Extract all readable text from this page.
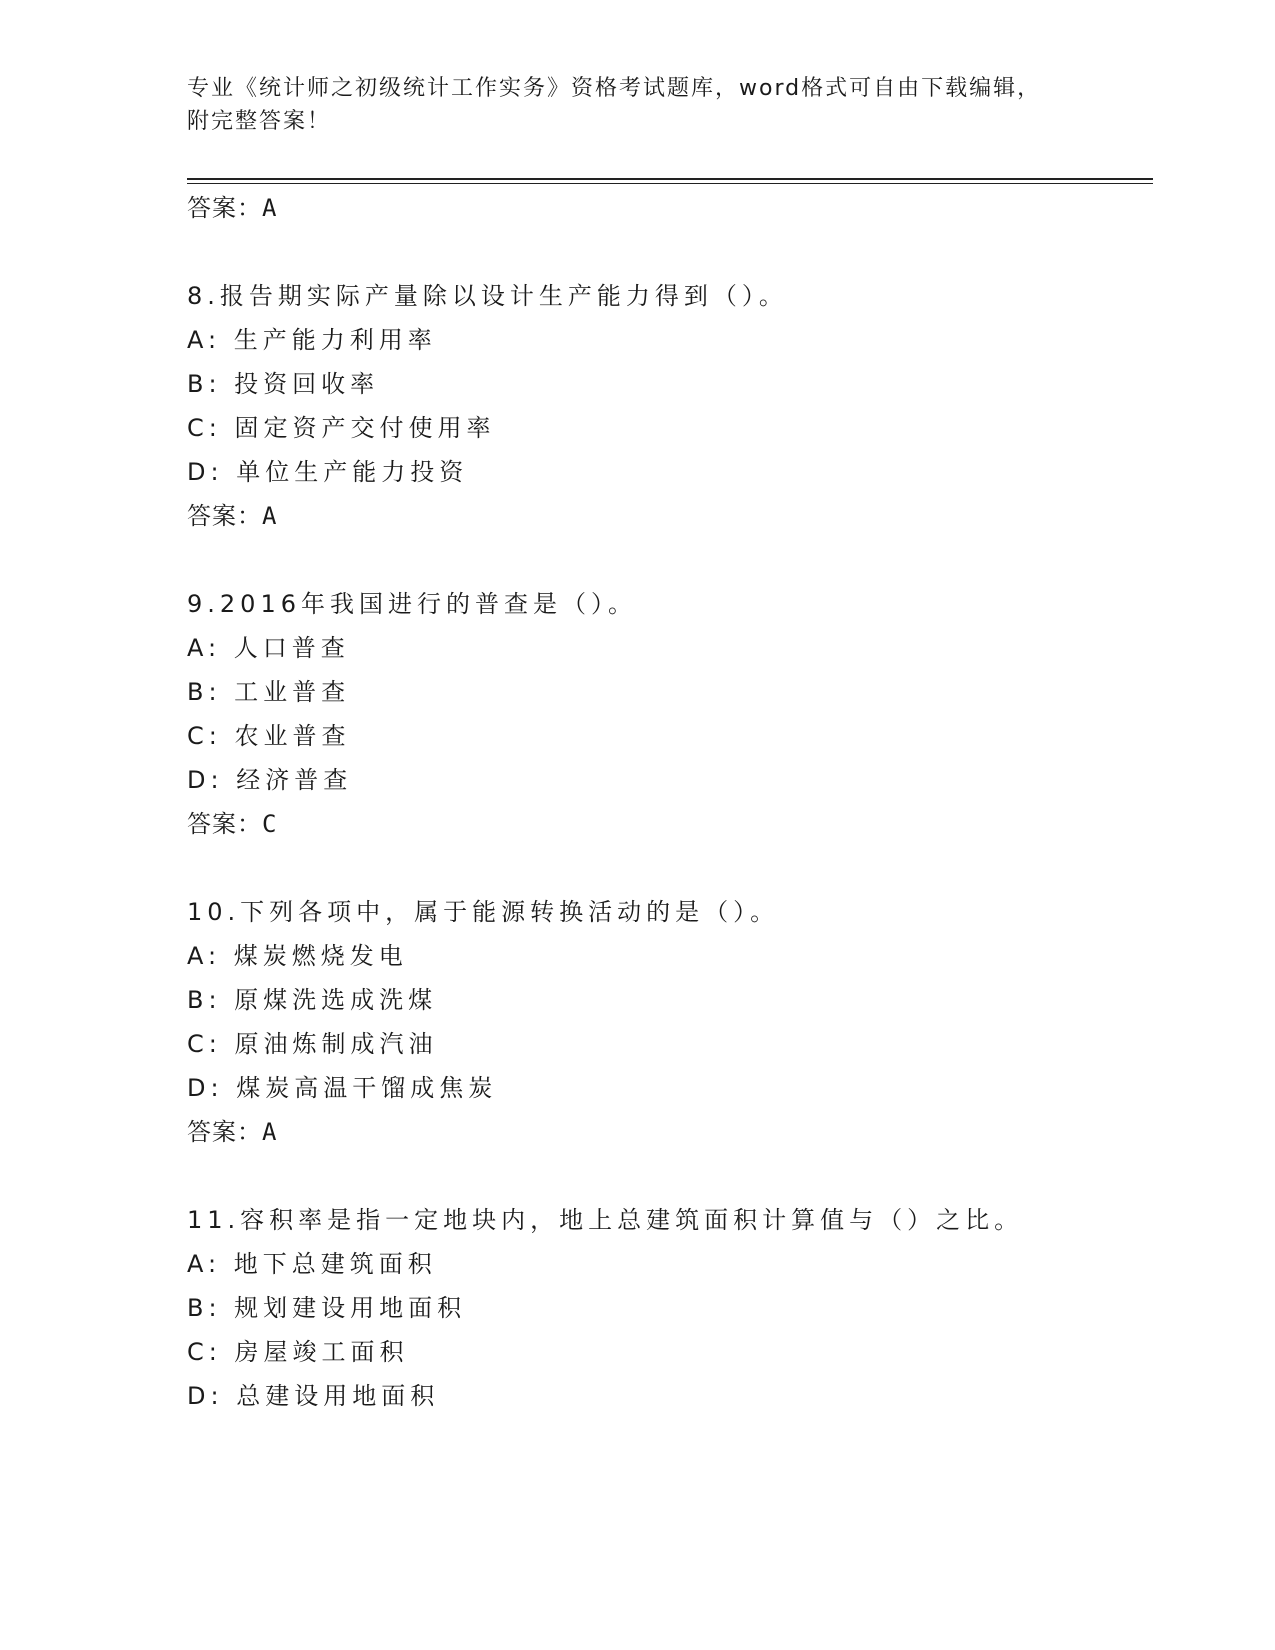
专业《统计师之初级统计工作实务》资格考试题库，word格式可自由下载编辑，
附完整答案！
答案：A
8.报告期实际产量除以设计生产能力得到（）。
A: 生产能力利用率
B: 投资回收率
C: 固定资产交付使用率
D: 单位生产能力投资
答案：A
9.2016年我国进行的普查是（）。
A: 人口普查
B: 工业普查
C: 农业普查
D: 经济普查
答案：C
10.下列各项中，属于能源转换活动的是（）。
A: 煤炭燃烧发电
B: 原煤洗选成洗煤
C: 原油炼制成汽油
D: 煤炭高温干馏成焦炭
答案：A
11.容积率是指一定地块内，地上总建筑面积计算值与（）之比。
A: 地下总建筑面积
B: 规划建设用地面积
C: 房屋竣工面积
D: 总建设用地面积
